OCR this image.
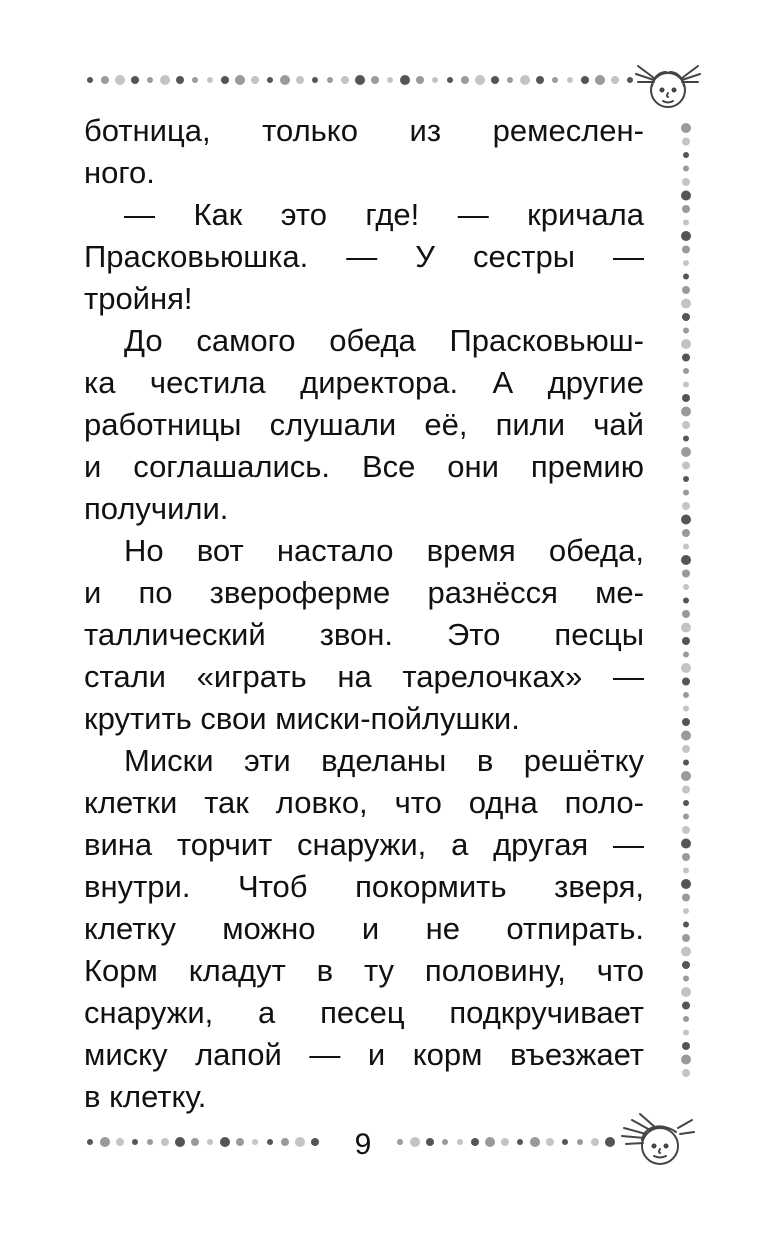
ботница, только из ремеслен-
ного.

— Как это где! — кричала
Прасковьюшка. — У сестры —
тройня!

До самого обеда Прасковьюш-
ка честила директора. А другие
работницы слушали её, пили чай
и соглашались. Все они премию
получили.

Но вот настало время обеда,
и по звероферме разнёсся ме-
таллический звон. Это песцы
стали «играть на тарелочках» —
крутить свои миски-пойлушки.

Миски эти вделаны в решётку
клетки так ловко, что одна поло-
вина торчит снаружи, а другая —
внутри. Чтоб покормить зверя,
клетку можно и не отпирать.
Корм кладут в ту половину, что
снаружи, а песец подкручивает
миску лапой — и корм въезжает
в клетку.

9
